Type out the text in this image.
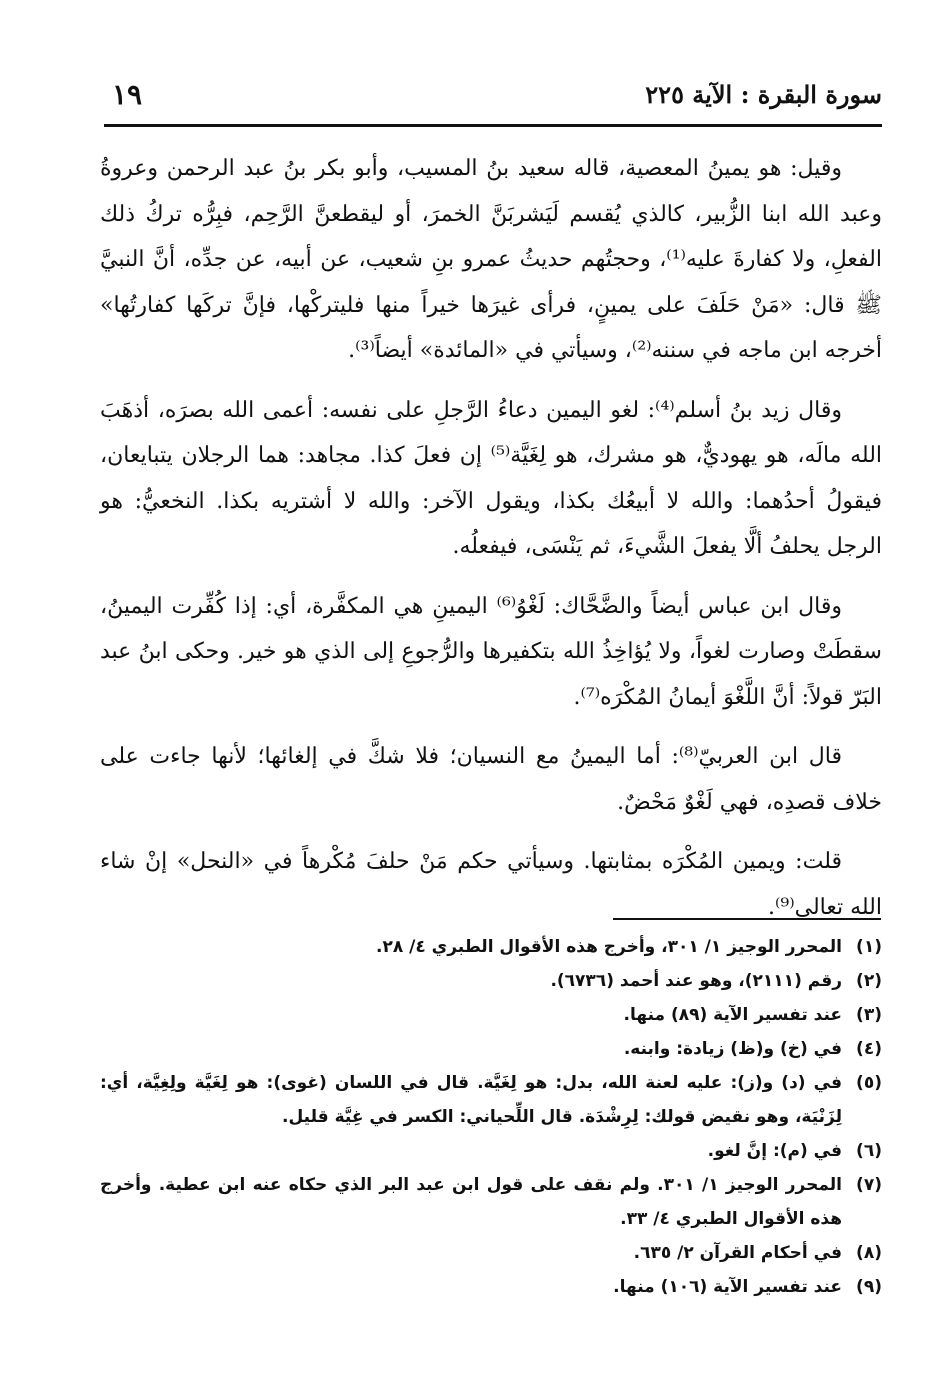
سورة البقرة : الآية ٢٢٥
١٩

وقيل: هو يمينُ المعصية، قاله سعيد بنُ المسيب، وأبو بكر بنُ عبد الرحمن وعروةُ وعبد الله ابنا الزُّبير، كالذي يُقسم لَيَشربَنَّ الخمرَ، أو ليقطعنَّ الرَّحِم، فبِرُّه تركُ ذلك الفعلِ، ولا كفارةَ عليه⁽¹⁾، وحجتُهم حديثُ عمرو بنِ شعيب، عن أبيه، عن جدِّه، أنَّ النبيَّ ﷺ قال: «مَنْ حَلَفَ على يمينٍ، فرأى غيرَها خيراً منها فليتركْها، فإنَّ تركَها كفارتُها» أخرجه ابن ماجه في سننه⁽²⁾، وسيأتي في «المائدة» أيضاً⁽³⁾.

وقال زيد بنُ أسلم⁽⁴⁾: لغو اليمين دعاءُ الرَّجلِ على نفسه: أعمى الله بصرَه، أذهَبَ الله مالَه، هو يهوديٌّ، هو مشرك، هو لِغَيَّة⁽⁵⁾ إن فعلَ كذا. مجاهد: هما الرجلان يتبايعان، فيقولُ أحدُهما: والله لا أبيعُك بكذا، ويقول الآخر: والله لا أشتريه بكذا. النخعيُّ: هو الرجل يحلفُ ألَّا يفعلَ الشَّيءَ، ثم يَنْسَى، فيفعلُه.

وقال ابن عباس أيضاً والضَّحَّاك: لَغْوُ⁽⁶⁾ اليمينِ هي المكفَّرة، أي: إذا كُفِّرت اليمينُ، سقطَتْ وصارت لغواً، ولا يُؤاخِذُ الله بتكفيرها والرُّجوعِ إلى الذي هو خير. وحكى ابنُ عبد البَرّ قولاً: أنَّ اللَّغْوَ أيمانُ المُكْرَه⁽⁷⁾.

قال ابن العربيّ⁽⁸⁾: أما اليمينُ مع النسيان؛ فلا شكَّ في إلغائها؛ لأنها جاءت على خلاف قصدِه، فهي لَغْوٌ مَحْضٌ.

قلت: ويمين المُكْرَه بمثابتها. وسيأتي حكم مَنْ حلفَ مُكْرهاً في «النحل» إنْ شاء الله تعالى⁽⁹⁾.

(١)
المحرر الوجيز ١/ ٣٠١، وأخرج هذه الأقوال الطبري ٤/ ٢٨.
(٢)
رقم (٢١١١)، وهو عند أحمد (٦٧٣٦).
(٣)
عند تفسير الآية (٨٩) منها.
(٤)
في (خ) و(ظ) زيادة: وابنه.
(٥)
في (د) و(ز): عليه لعنة الله، بدل: هو لِغَيَّة. قال في اللسان (غوى): هو لِغَيَّة ولِغِيَّة، أي: لِزَنْيَة، وهو نقيض قولك: لِرِشْدَة. قال اللِّحياني: الكسر في غِيَّة قليل.
(٦)
في (م): إنَّ لغو.
(٧)
المحرر الوجيز ١/ ٣٠١. ولم نقف على قول ابن عبد البر الذي حكاه عنه ابن عطية. وأخرج هذه الأقوال الطبري ٤/ ٣٣.
(٨)
في أحكام القرآن ٢/ ٦٣٥.
(٩)
عند تفسير الآية (١٠٦) منها.
